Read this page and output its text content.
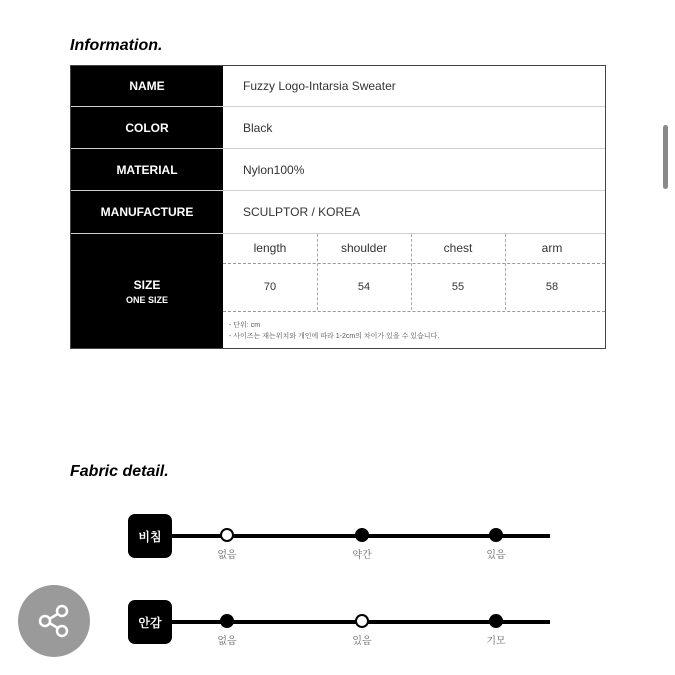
Information.
NAME	Fuzzy Logo-Intarsia Sweater
COLOR	Black
MATERIAL	Nylon100%
MANUFACTURE	SCULPTOR / KOREA
SIZE
ONE SIZE
length	shoulder	chest	arm
70	54	55	58
- 단위: cm
- 사이즈는 재는위치와 개인에 따라 1-2cm의 차이가 있을 수 있습니다.
Fabric detail.
비침
없음	약간	있음
안감
없음	있음	기모
